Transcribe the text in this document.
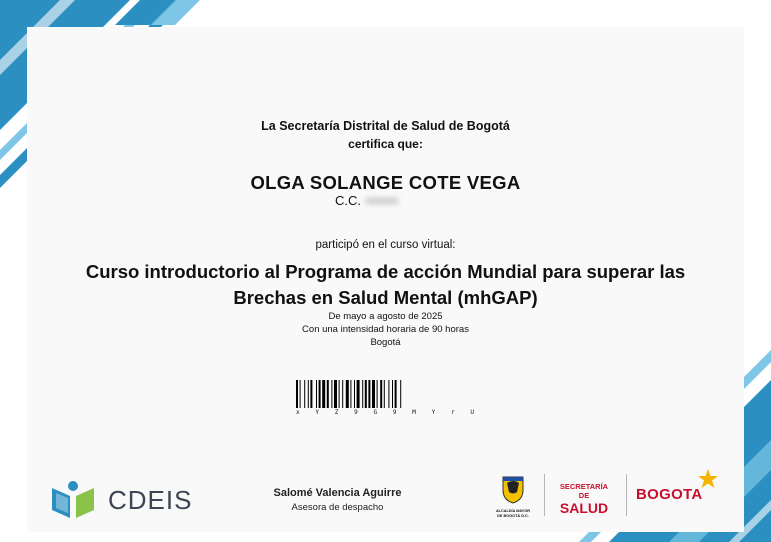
La Secretaría Distrital de Salud de Bogotá
certifica que:
OLGA SOLANGE COTE VEGA
C.C.
participó en el curso virtual:
Curso introductorio al Programa de acción Mundial para superar las
Brechas en Salud Mental (mhGAP)
De mayo a agosto de 2025
Con una intensidad horaria de 90 horas
Bogotá
x	Y	Z	9	G	9	M	Y	r	U
CDEIS	Salomé Valencia Aguirre
Asesora de despacho	ALCALDÍA MAYOR
DE BOGOTÁ D.C.
SECRETARÍA DE
SALUD
BOGOTA
